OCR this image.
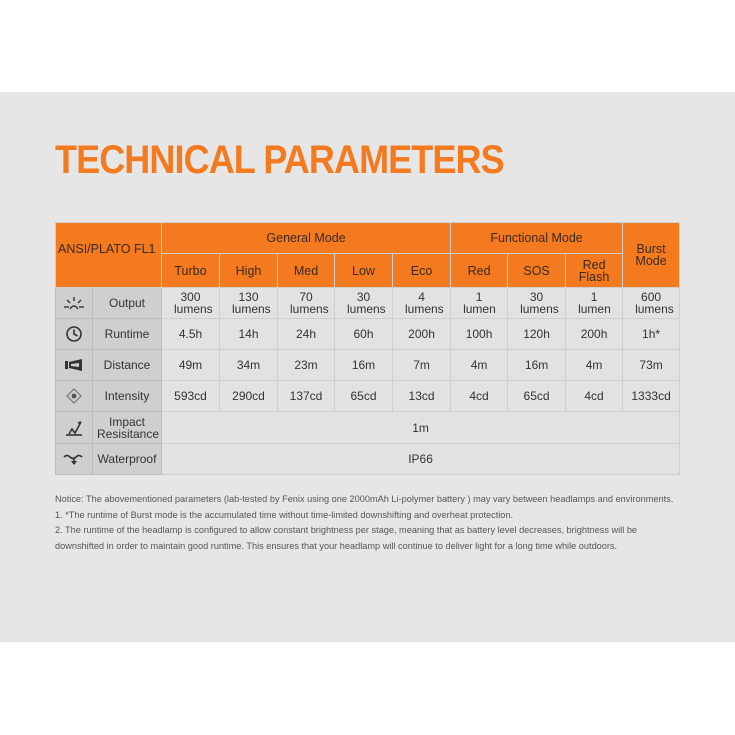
TECHNICAL PARAMETERS
ANSI/PLATO FL1		General Mode					Functional Mode			Burst Mode
		Turbo	High	Med	Low	Eco	Red	SOS	Red Flash	

	Output	300 lumens	130 lumens	70 lumens	30 lumens	4 lumens	1 lumen	30 lumens	1 lumen	600 lumens

	Runtime	4.5h	14h	24h	60h	200h	100h	120h	200h	1h*

	Distance	49m	34m	23m	16m	7m	4m	16m	4m	73m

	Intensity	593cd	290cd	137cd	65cd	13cd	4cd	65cd	4cd	1333cd

	Impact Resisitance	1m								

	Waterproof	IP66								

Notice: The abovementioned parameters (lab-tested by Fenix using one 2000mAh Li-polymer battery ) may vary between headlamps and environments.

1. *The runtime of Burst mode is the accumulated time without time-limited downshifting and overheat protection.

2. The runtime of the headlamp is configured to allow constant brightness per stage, meaning that as battery level decreases, brightness will be downshifted in order to maintain good runtime. This ensures that your headlamp will continue to deliver light for a long time while outdoors.
